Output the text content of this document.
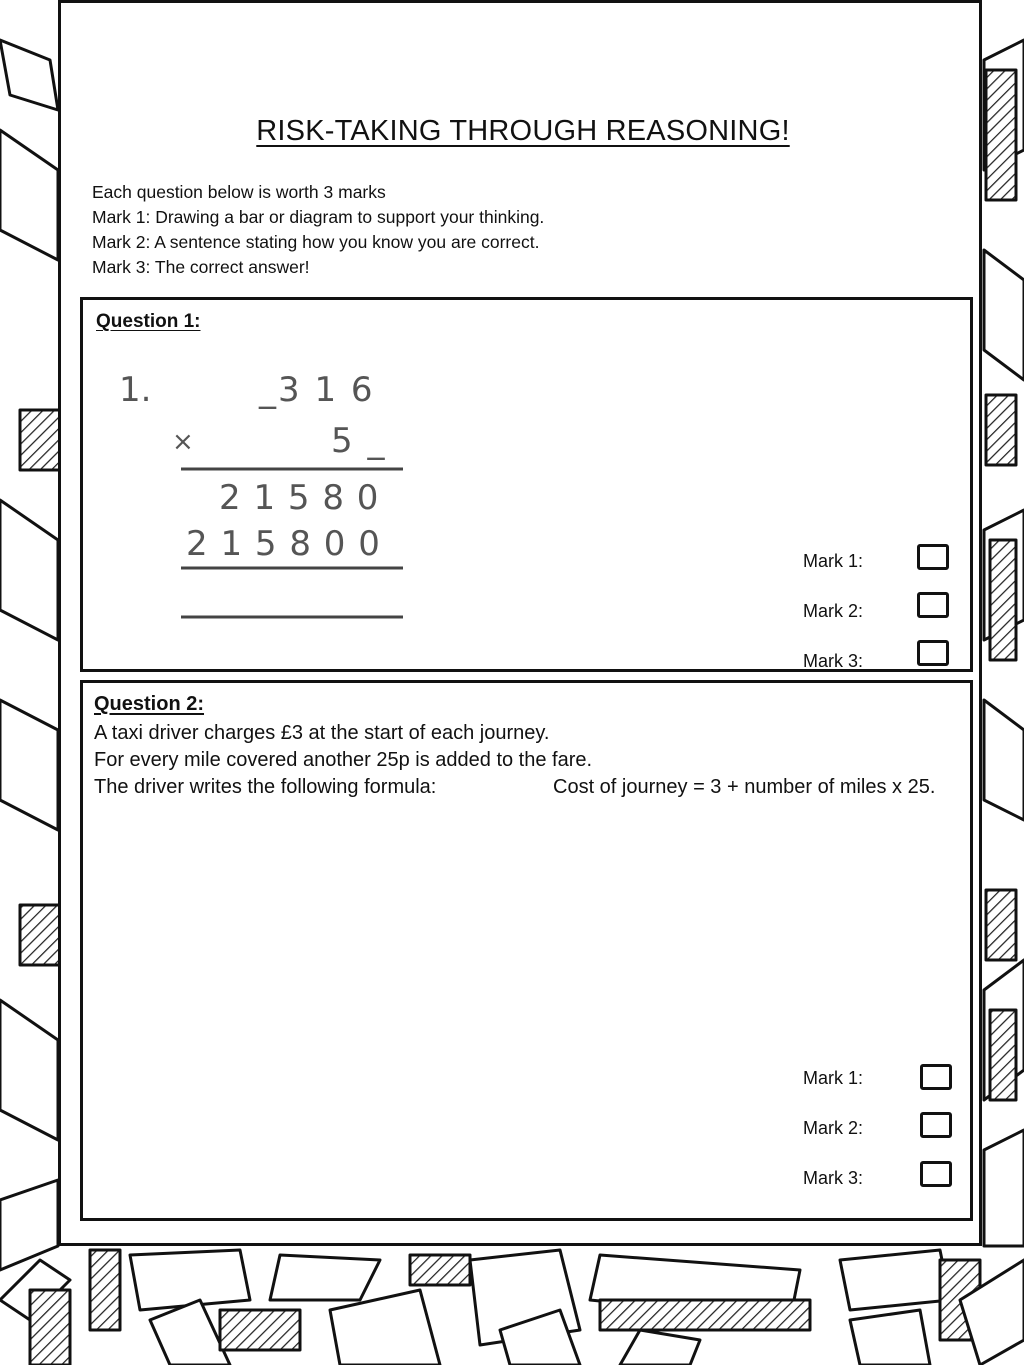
RISK-TAKING THROUGH REASONING!
Each question below is worth 3 marks
Mark 1: Drawing a bar or diagram to support your thinking.
Mark 2: A sentence stating how you know you are correct.
Mark 3: The correct answer!
Question 1:
1.	_3 1 6
×	5 _
2 1 5 8 0
2 1 5 8 0 0	Mark 1:
Mark 2:
Mark 3:
Question 2:
A taxi driver charges £3 at the start of each journey.
For every mile covered another 25p is added to the fare.
The driver writes the following formula:	Cost of journey = 3 + number of miles x 25.
Mark 1:
Mark 2:
Mark 3:
